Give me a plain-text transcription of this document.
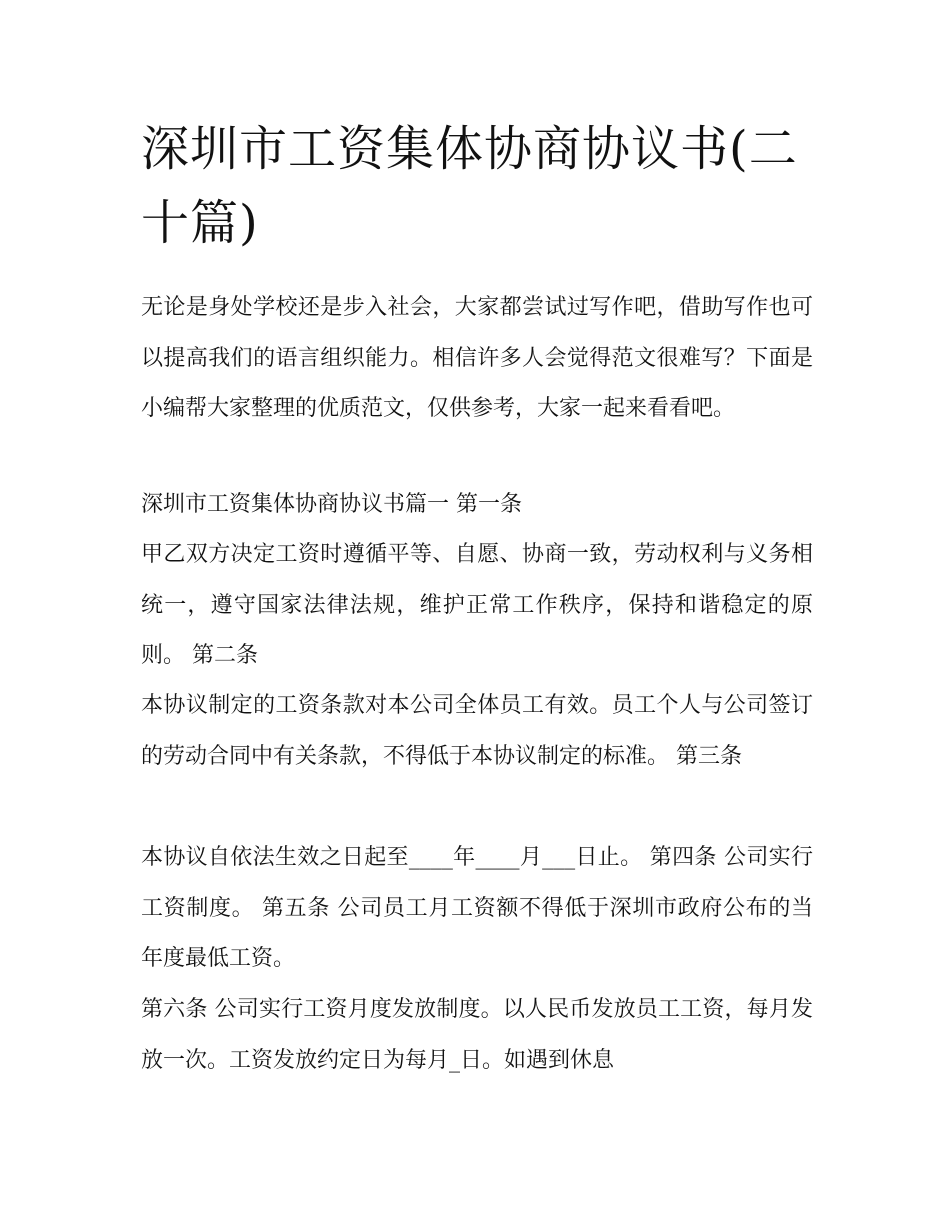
深圳市工资集体协商协议书(二十篇)

无论是身处学校还是步入社会，大家都尝试过写作吧，借助写作也可以提高我们的语言组织能力。相信许多人会觉得范文很难写？下面是小编帮大家整理的优质范文，仅供参考，大家一起来看看吧。

深圳市工资集体协商协议书篇一 第一条

甲乙双方决定工资时遵循平等、自愿、协商一致，劳动权利与义务相统一，遵守国家法律法规，维护正常工作秩序，保持和谐稳定的原则。 第二条

本协议制定的工资条款对本公司全体员工有效。员工个人与公司签订的劳动合同中有关条款，不得低于本协议制定的标准。 第三条

本协议自依法生效之日起至____年____月___日止。 第四条 公司实行工资制度。 第五条 公司员工月工资额不得低于深圳市政府公布的当年度最低工资。

第六条 公司实行工资月度发放制度。以人民币发放员工工资，每月发放一次。工资发放约定日为每月_日。如遇到休息
